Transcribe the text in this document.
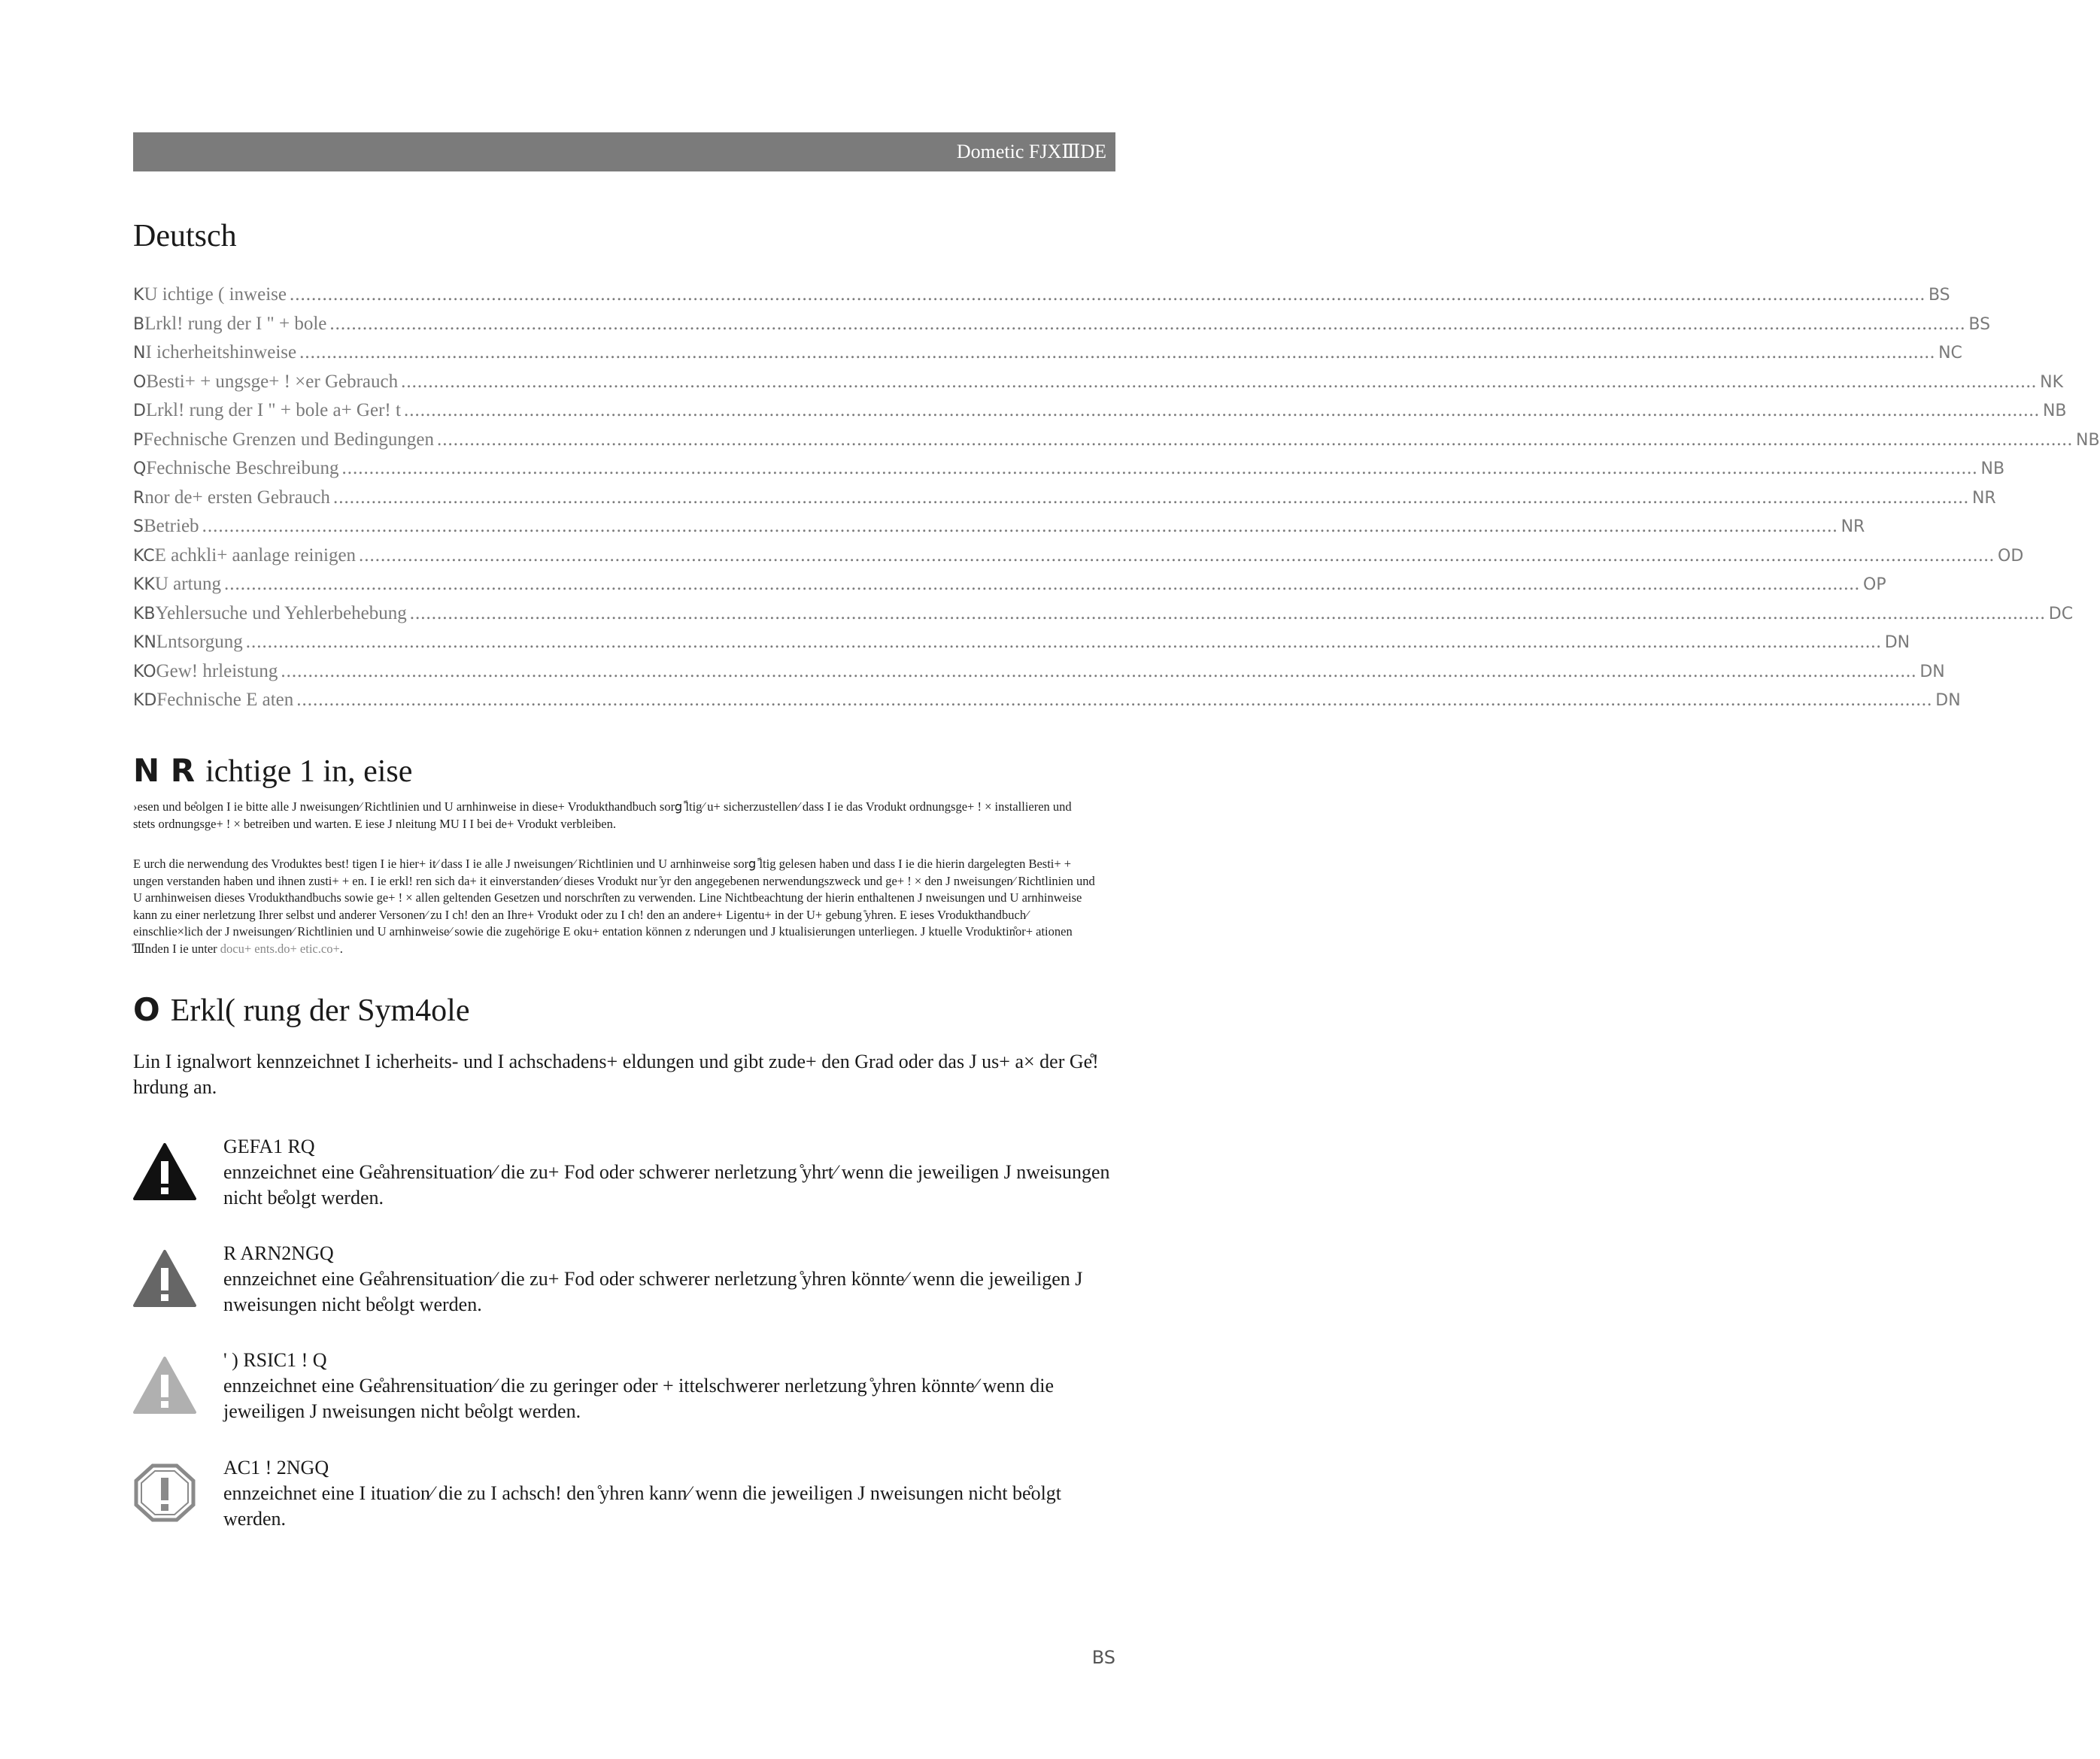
Dometic FJXⅢDE
Deutsch
K U ichtige ( inweise ............................................................................................................................................................................................................................................................................................................ BS
B Lrkl! rung der I " + bole ............................................................................................................................................................................................................................................................................................................ BS
N I icherheitshinweise ............................................................................................................................................................................................................................................................................................................ NC
O Besti+ + ungsge+ ! ×er Gebrauch ............................................................................................................................................................................................................................................................................................................ NK
D Lrkl! rung der I " + bole a+ Ger! t ............................................................................................................................................................................................................................................................................................................ NB
P Fechnische Grenzen und Bedingungen ............................................................................................................................................................................................................................................................................................................ NB
Q Fechnische Beschreibung ............................................................................................................................................................................................................................................................................................................ NB
R nor de+ ersten Gebrauch ............................................................................................................................................................................................................................................................................................................ NR
S Betrieb ............................................................................................................................................................................................................................................................................................................ NR
KC E achkli+ aanlage reinigen ............................................................................................................................................................................................................................................................................................................ OD
KK U artung ............................................................................................................................................................................................................................................................................................................ OP
KB Yehlersuche und Yehlerbehebung ............................................................................................................................................................................................................................................................................................................ DC
KN Lntsorgung ............................................................................................................................................................................................................................................................................................................ DN
KO Gew! hrleistung ............................................................................................................................................................................................................................................................................................................ DN
KD Fechnische E aten ............................................................................................................................................................................................................................................................................................................ DN
N R ichtige 1 in, eise

›esen und be̊olgen I ie bitte alle J nweisungen⁄ Richtlinien und U arnhinweise in diese+ Vrodukthandbuch sorgً ltig⁄ u+ sicherzustellen⁄ dass I ie das Vrodukt ordnungsge+ ! × installieren und stets ordnungsge+ ! × betreiben und warten. E iese J nleitung MU I I bei de+ Vrodukt verbleiben.

E urch die nerwendung des Vroduktes best! tigen I ie hier+ it⁄ dass I ie alle J nweisungen⁄ Richtlinien und U arnhinweise sorgً ltig gelesen haben und dass I ie die hierin dargelegten Besti+ + ungen verstanden haben und ihnen zusti+ + en. I ie erkl! ren sich da+ it einverstanden⁄ dieses Vrodukt nur ̊yr den angegebenen nerwendungszweck und ge+ ! × den J nweisungen⁄ Richtlinien und U arnhinweisen dieses Vrodukthandbuchs sowie ge+ ! × allen geltenden Gesetzen und norschri̊ten zu verwenden. Line Nichtbeachtung der hierin enthaltenen J nweisungen und U arnhinweise kann zu einer nerletzung Ihrer selbst und anderer Versonen⁄ zu I ch! den an Ihre+ Vrodukt oder zu I ch! den an andere+ Ligentu+ in der U+ gebung ̊yhren. E ieses Vrodukthandbuch⁄ einschlie×lich der J nweisungen⁄ Richtlinien und U arnhinweise⁄ sowie die zugehörige E oku+ entation können z nderungen und J ktualisierungen unterliegen. J ktuelle Vroduktin̊or+ ationen ̊Ⅲnden I ie unter docu+ ents.do+ etic.co+.

O Erkl( rung der Sym4ole

Lin I ignalwort kennzeichnet I icherheits- und I achschadens+ eldungen und gibt zude+ den Grad oder das J us+ a× der Ge̊! hrdung an.

GEFA1 RQ
ennzeichnet eine Ge̊ahrensituation⁄ die zu+ Fod oder schwerer nerletzung ̊yhrt⁄ wenn die jeweiligen J nweisungen nicht be̊olgt werden.
R ARN2NGQ
ennzeichnet eine Ge̊ahrensituation⁄ die zu+ Fod oder schwerer nerletzung ̊yhren könnte⁄ wenn die jeweiligen J nweisungen nicht be̊olgt werden.
' ) RSIC1 ! Q
ennzeichnet eine Ge̊ahrensituation⁄ die zu geringer oder + ittelschwerer nerletzung ̊yhren könnte⁄ wenn die jeweiligen J nweisungen nicht be̊olgt werden.
AC1 ! 2NGQ
ennzeichnet eine I ituation⁄ die zu I achsch! den ̊yhren kann⁄ wenn die jeweiligen J nweisungen nicht be̊olgt werden.
BS
